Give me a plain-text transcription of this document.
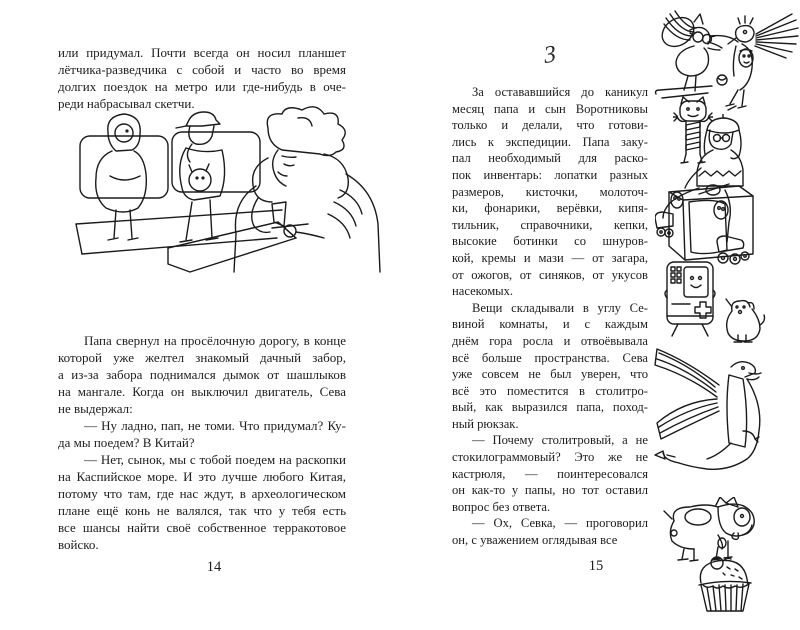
или придумал. Почти всегда он носил планшет
лётчика-разведчика с собой и часто во время
долгих поездок на метро или где-нибудь в оче-
реди набрасывал скетчи.
Папа свернул на просёлочную дорогу, в конце
которой уже желтел знакомый дачный забор,
а из-за забора поднимался дымок от шашлыков
на мангале. Когда он выключил двигатель, Сева
не выдержал:
— Ну ладно, пап, не томи. Что придумал? Ку-
да мы поедем? В Китай?
— Нет, сынок, мы с тобой поедем на раскопки
на Каспийское море. И это лучше любого Китая,
потому что там, где нас ждут, в археологическом
плане ещё конь не валялся, так что у тебя есть
все шансы найти своё собственное терракотовое
войско.
14
3
За остававшийся до каникул
месяц папа и сын Воротниковы
только и делали, что готови-
лись к экспедиции. Папа заку-
пал необходимый для раско-
пок инвентарь: лопатки разных
размеров, кисточки, молоточ-
ки, фонарики, верёвки, кипя-
тильник, справочники, кепки,
высокие ботинки со шнуров-
кой, кремы и мази — от загара,
от ожогов, от синяков, от укусов
насекомых.
Вещи складывали в углу Се-
виной комнаты, и с каждым
днём гора росла и отвоёвывала
всё больше пространства. Сева
уже совсем не был уверен, что
всё это поместится в столитро-
вый, как выразился папа, поход-
ный рюкзак.
— Почему столитровый, а не
стокилограммовый? Это же не
кастрюля, — поинтересовался
он как-то у папы, но тот оставил
вопрос без ответа.
— Ох, Севка, — проговорил
он, с уважением оглядывая все
15
